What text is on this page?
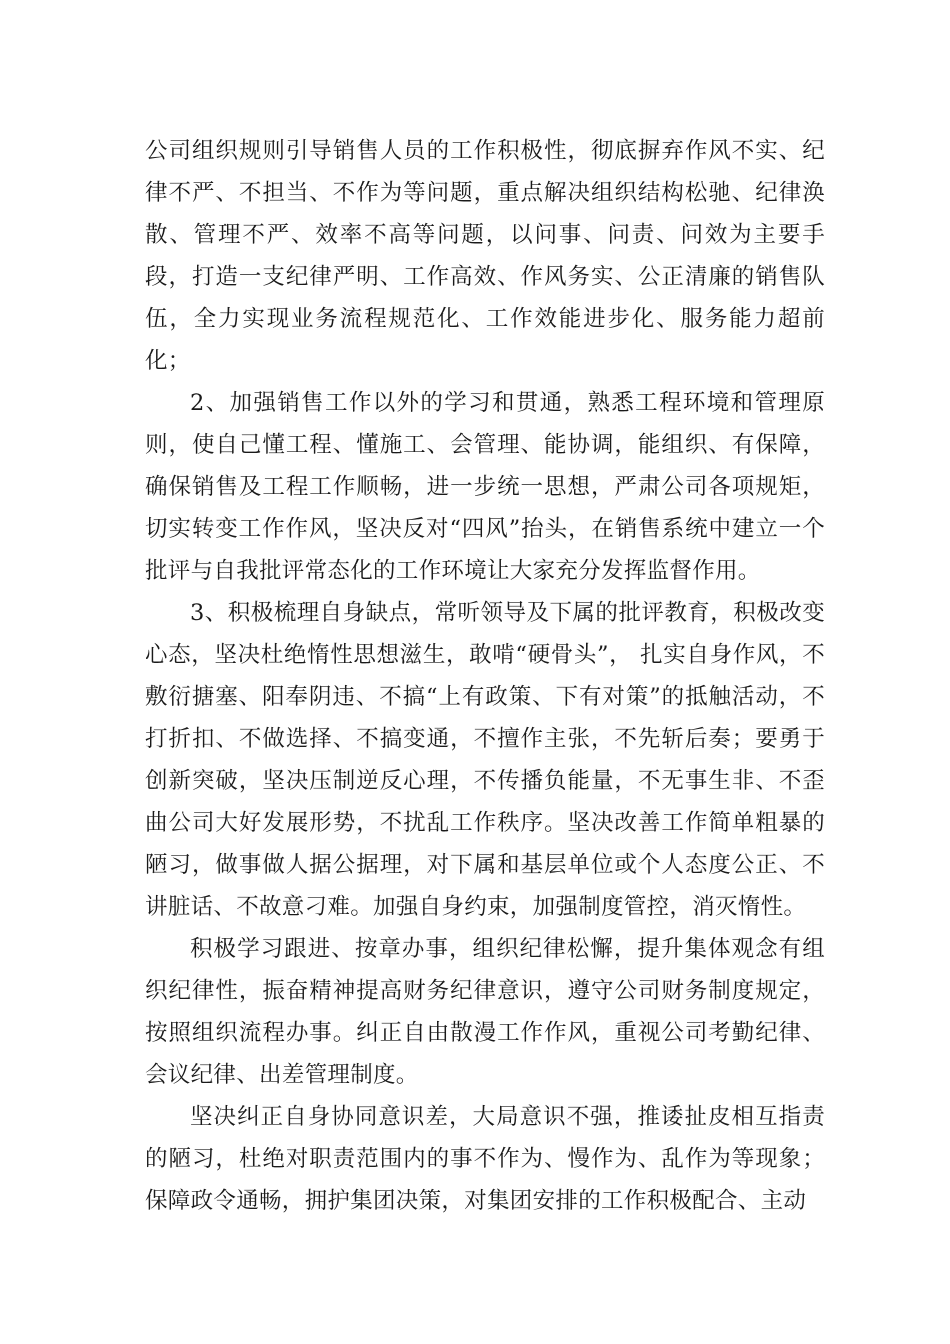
公司组织规则引导销售人员的工作积极性，彻底摒弃作风不实、纪律不严、不担当、不作为等问题，重点解决组织结构松驰、纪律涣散、管理不严、效率不高等问题，以问事、问责、问效为主要手段，打造一支纪律严明、工作高效、作风务实、公正清廉的销售队伍，全力实现业务流程规范化、工作效能进步化、服务能力超前化；

2、加强销售工作以外的学习和贯通，熟悉工程环境和管理原则，使自己懂工程、懂施工、会管理、能协调，能组织、有保障，确保销售及工程工作顺畅，进一步统一思想，严肃公司各项规矩，切实转变工作作风，坚决反对“四风”抬头，在销售系统中建立一个批评与自我批评常态化的工作环境让大家充分发挥监督作用。

3、积极梳理自身缺点，常听领导及下属的批评教育，积极改变心态，坚决杜绝惰性思想滋生，敢啃“硬骨头”， 扎实自身作风，不敷衍搪塞、阳奉阴违、不搞“上有政策、下有对策”的抵触活动，不打折扣、不做选择、不搞变通，不擅作主张，不先斩后奏；要勇于创新突破，坚决压制逆反心理，不传播负能量，不无事生非、不歪曲公司大好发展形势，不扰乱工作秩序。坚决改善工作简单粗暴的陋习，做事做人据公据理，对下属和基层单位或个人态度公正、不讲脏话、不故意刁难。加强自身约束，加强制度管控，消灭惰性。

积极学习跟进、按章办事，组织纪律松懈，提升集体观念有组织纪律性，振奋精神提高财务纪律意识，遵守公司财务制度规定，按照组织流程办事。纠正自由散漫工作作风，重视公司考勤纪律、会议纪律、出差管理制度。

坚决纠正自身协同意识差，大局意识不强，推诿扯皮相互指责的陋习，杜绝对职责范围内的事不作为、慢作为、乱作为等现象；保障政令通畅，拥护集团决策，对集团安排的工作积极配合、主动
